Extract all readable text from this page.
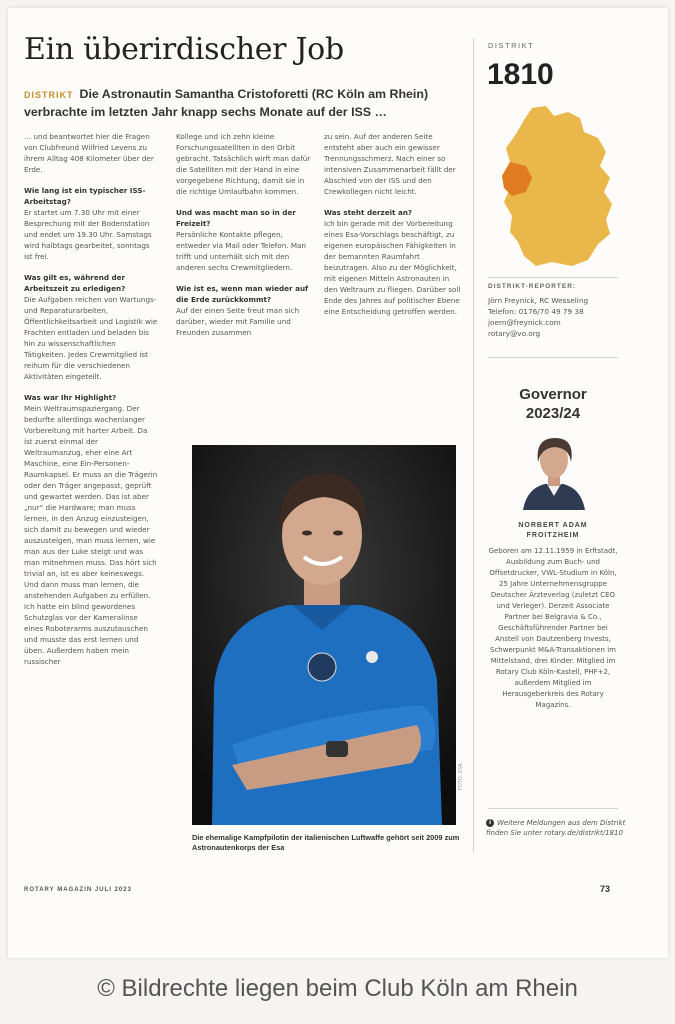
Ein überirdischer Job
DISTRIKT Die Astronautin Samantha Cristoforetti (RC Köln am Rhein) verbrachte im letzten Jahr knapp sechs Monate auf der ISS …

… und beantwortet hier die Fragen von Clubfreund Wilfried Levens zu ihrem Alltag 408 Kilometer über der Erde.

Wie lang ist ein typischer ISS-Arbeitstag?
Er startet um 7.30 Uhr mit einer Besprechung mit der Bodenstation und endet um 19.30 Uhr. Samstags wird halbtags gearbeitet, sonntags ist frei.

Was gilt es, während der Arbeitszeit zu erledigen?
Die Aufgaben reichen von Wartungs- und Reparaturarbeiten, Öffentlichkeitsarbeit und Logistik wie Frachten entladen und beladen bis hin zu wissenschaftlichen Tätigkeiten. Jedes Crewmitglied ist reihum für die verschiedenen Aktivitäten eingeteilt.

Was war Ihr Highlight?
Mein Weltraumspaziergang. Der bedurfte allerdings wochenlanger Vorbereitung mit harter Arbeit. Da ist zuerst einmal der Weltraumanzug, eher eine Art Maschine, eine Ein-Personen-Raumkapsel. Er muss an die Trägerin oder den Träger angepasst, geprüft und gewartet werden. Das ist aber „nur“ die Hardware; man muss lernen, in den Anzug einzusteigen, sich damit zu bewegen und wieder auszusteigen, man muss lernen, wie man aus der Luke steigt und was man mitnehmen muss. Das hört sich trivial an, ist es aber keineswegs. Und dann muss man lernen, die anstehenden Aufgaben zu erfüllen. Ich hatte ein blind gewordenes Schutzglas vor der Kameralinse eines Roboterarms auszutauschen und musste das erst lernen und üben. Außerdem haben mein russischer

Kollege und ich zehn kleine Forschungssatelliten in den Orbit gebracht. Tatsächlich wirft man dafür die Satelliten mit der Hand in eine vorgegebene Richtung, damit sie in die richtige Umlaufbahn kommen.

Und was macht man so in der Freizeit?
Persönliche Kontakte pflegen, entweder via Mail oder Telefon. Man trifft und unterhält sich mit den anderen sechs Crewmitgliedern.

Wie ist es, wenn man wieder auf die Erde zurückkommt?
Auf der einen Seite freut man sich darüber, wieder mit Familie und Freunden zusammen

zu sein. Auf der anderen Seite entsteht aber auch ein gewisser Trennungsschmerz. Nach einer so intensiven Zusammenarbeit fällt der Abschied von der ISS und den Crewkollegen nicht leicht.

Was steht derzeit an?
Ich bin gerade mit der Vorbereitung eines Esa-Vorschlags beschäftigt, zu eigenen europäischen Fähigkeiten in der bemannten Raumfahrt beizutragen. Also zu der Möglichkeit, mit eigenen Mitteln Astronauten in den Weltraum zu fliegen. Darüber soll Ende des Jahres auf politischer Ebene eine Entscheidung getroffen werden.

FOTO: ESA
Die ehemalige Kampfpilotin der italienischen Luftwaffe gehört seit 2009 zum Astronautenkorps der Esa
DISTRIKT
1810
DISTRIKT-REPORTER:
Jörn Freynick, RC Wesseling
Telefon: 0176/70 49 79 38
joern@freynick.com
rotary@vo.org
Governor
2023/24
NORBERT ADAM
FROITZHEIM
Geboren am 12.11.1959 in Erftstadt, Ausbildung zum Buch- und Offsetdrucker, VWL-Studium in Köln, 25 Jahre Unternehmensgruppe Deutscher Ärzteverlag (zuletzt CEO und Verleger). Derzeit Associate Partner bei Belgravia & Co., Geschäftsführender Partner bei Anstell von Dautzenberg Invests, Schwerpunkt M&A-Transaktionen im Mittelstand, drei Kinder. Mitglied im Rotary Club Köln-Kastell, PHF+2, außerdem Mitglied im Herausgeberkreis des Rotary Magazins.
i Weitere Meldungen aus dem Distrikt finden Sie unter rotary.de/distrikt/1810
ROTARY MAGAZIN JULI 2023	73
© Bildrechte liegen beim Club Köln am Rhein
